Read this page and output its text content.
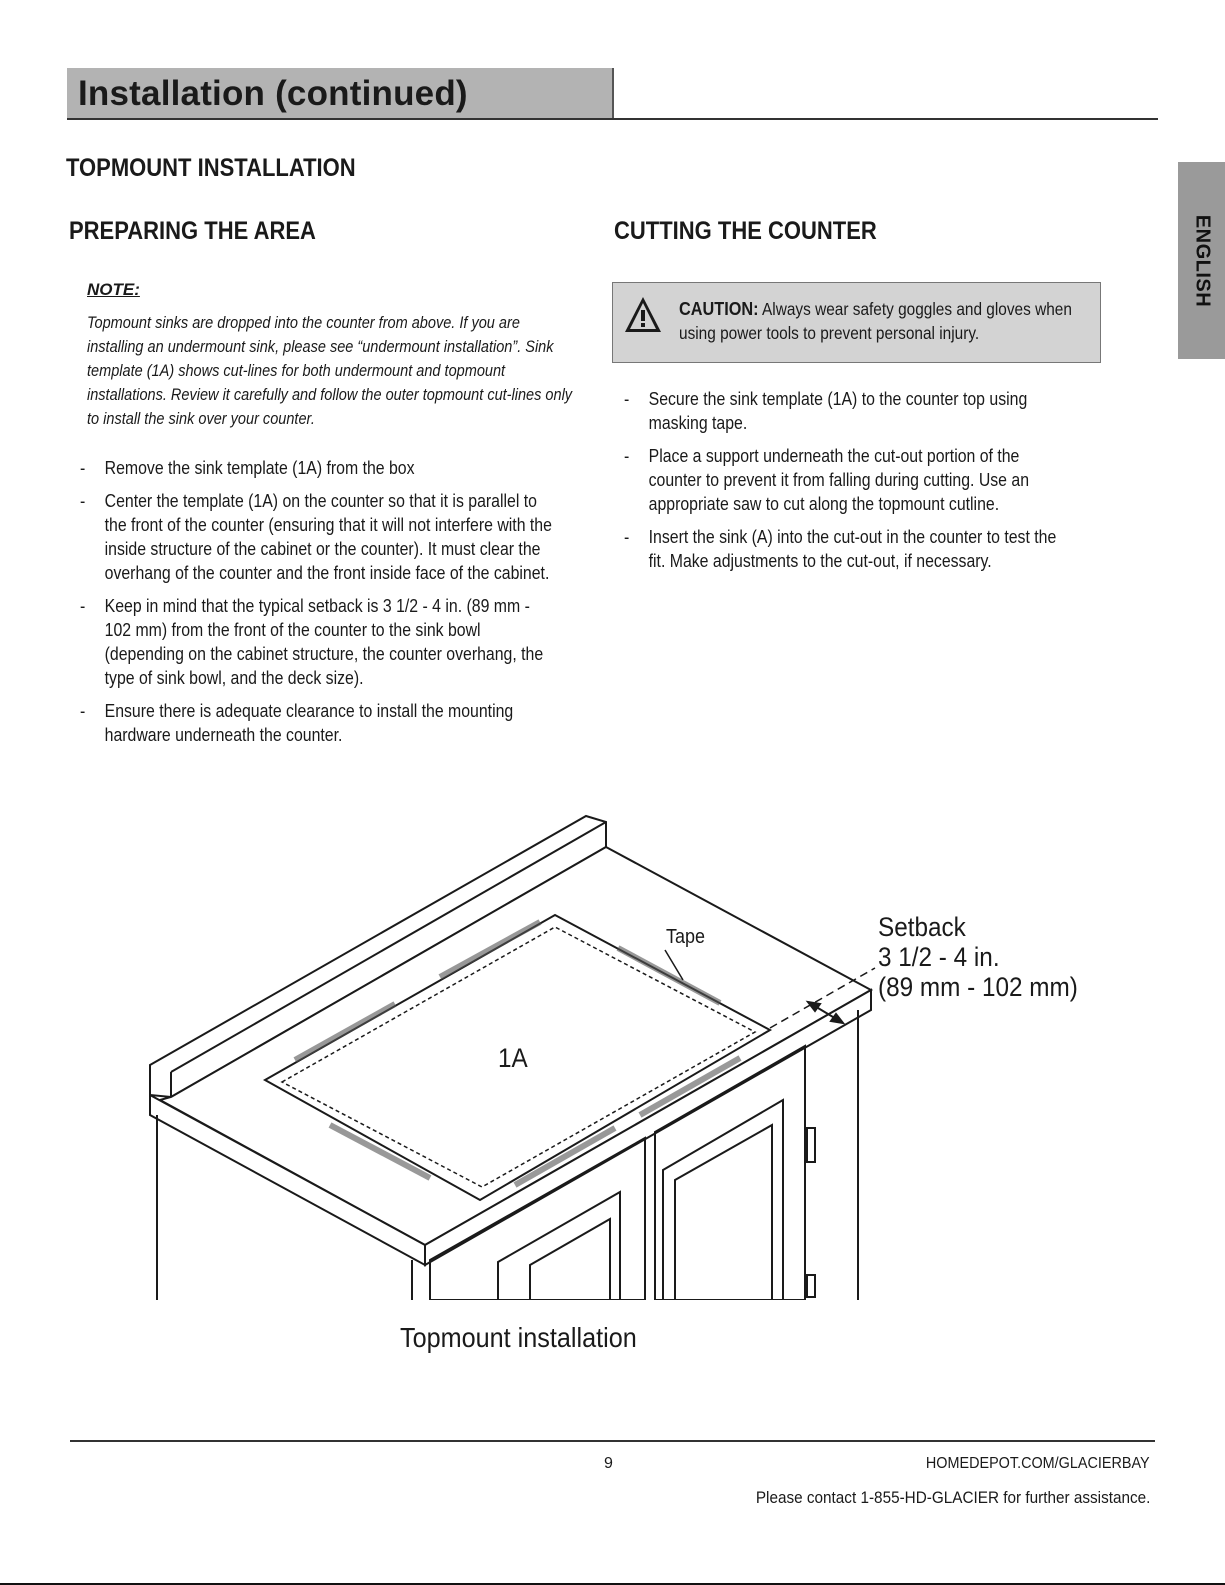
Installation (continued)
ENGLISH
TOPMOUNT INSTALLATION
PREPARING THE AREA
NOTE:
Topmount sinks are dropped into the counter from above. If you are installing an undermount sink, please see “undermount installation”. Sink template (1A) shows cut-lines for both undermount and topmount installations. Review it carefully and follow the outer topmount cut-lines only to install the sink over your counter.
- Remove the sink template (1A) from the box
- Center the template (1A) on the counter so that it is parallel to the front of the counter (ensuring that it will not interfere with the inside structure of the cabinet or the counter). It must clear the overhang of the counter and the front inside face of the cabinet.
- Keep in mind that the typical setback is 3 1/2 - 4 in. (89 mm - 102 mm) from the front of the counter to the sink bowl (depending on the cabinet structure, the counter overhang, the type of sink bowl, and the deck size).
- Ensure there is adequate clearance to install the mounting hardware underneath the counter.
CUTTING THE COUNTER
CAUTION: Always wear safety goggles and gloves when using power tools to prevent personal injury.
- Secure the sink template (1A) to the counter top using masking tape.
- Place a support underneath the cut-out portion of the counter to prevent it from falling during cutting. Use an appropriate saw to cut along the topmount cutline.
- Insert the sink (A) into the cut-out in the counter to test the fit. Make adjustments to the cut-out, if necessary.
Tape
1A
Setback
3 1/2 - 4 in.
(89 mm - 102 mm)
Topmount installation
9	HOMEDEPOT.COM/GLACIERBAY
Please contact 1-855-HD-GLACIER for further assistance.
